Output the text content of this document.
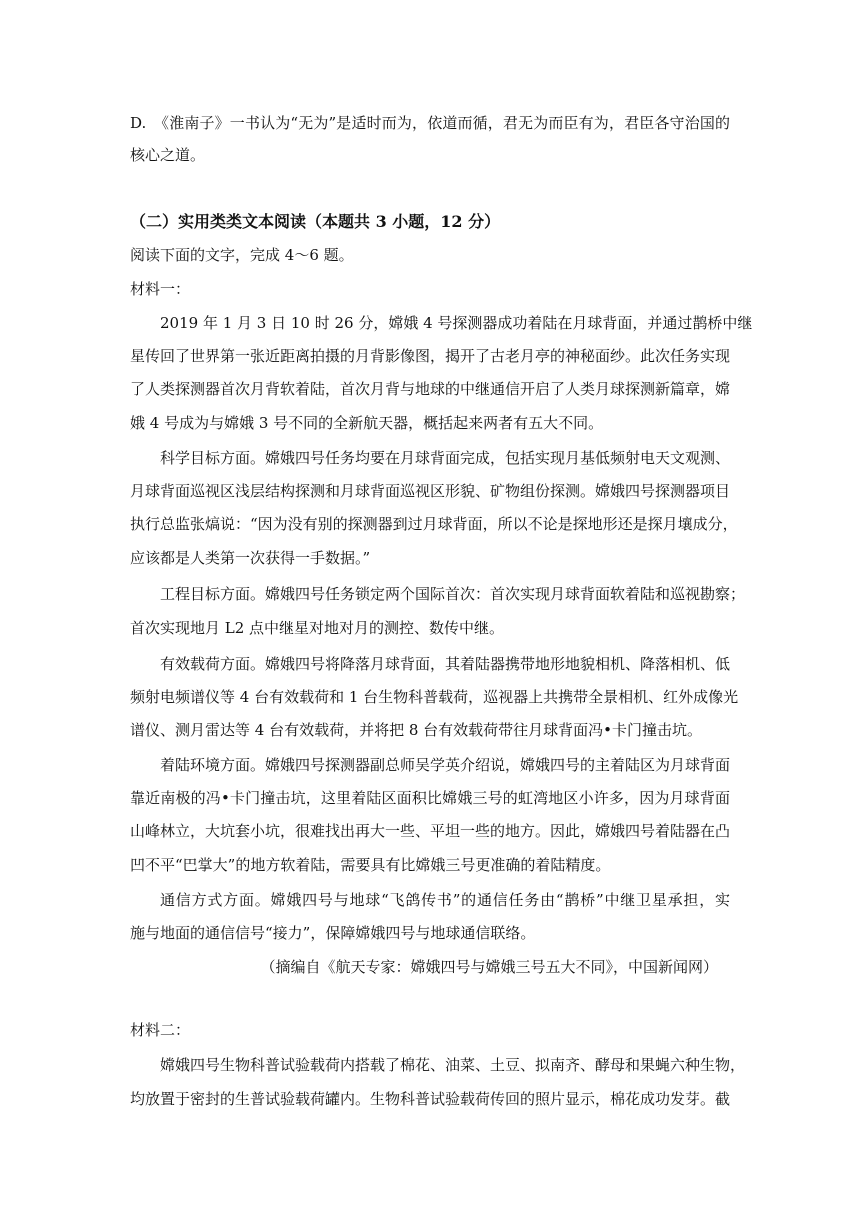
D.　《淮南子》一书认为“无为”是适时而为，依道而循，君无为而臣有为，君臣各守治国的
核心之道。
（二）实用类类文本阅读（本题共 3 小题，12 分）
阅读下面的文字，完成 4～6 题。
材料一：
2019 年 1 月 3 日 10 时 26 分，嫦娥 4 号探测器成功着陆在月球背面，并通过鹊桥中继
星传回了世界第一张近距离拍摄的月背影像图，揭开了古老月亭的神秘面纱。此次任务实现
了人类探测器首次月背软着陆，首次月背与地球的中继通信开启了人类月球探测新篇章，嫦
娥 4 号成为与嫦娥 3 号不同的全新航天器，概括起来两者有五大不同。
科学目标方面。嫦娥四号任务均要在月球背面完成，包括实现月基低频射电天文观测、
月球背面巡视区浅层结构探测和月球背面巡视区形貌、矿物组份探测。嫦娥四号探测器项目
执行总监张熇说：“因为没有别的探测器到过月球背面，所以不论是探地形还是探月壤成分，
应该都是人类第一次获得一手数据。”
工程目标方面。嫦娥四号任务锁定两个国际首次：首次实现月球背面软着陆和巡视勘察；
首次实现地月 L2 点中继星对地对月的测控、数传中继。
有效载荷方面。嫦娥四号将降落月球背面，其着陆器携带地形地貌相机、降落相机、低
频射电频谱仪等 4 台有效载荷和 1 台生物科普载荷，巡视器上共携带全景相机、红外成像光
谱仪、测月雷达等 4 台有效载荷，并将把 8 台有效载荷带往月球背面冯•卡门撞击坑。
着陆环境方面。嫦娥四号探测器副总师吴学英介绍说，嫦娥四号的主着陆区为月球背面
靠近南极的冯•卡门撞击坑，这里着陆区面积比嫦娥三号的虹湾地区小许多，因为月球背面
山峰林立，大坑套小坑，很难找出再大一些、平坦一些的地方。因此，嫦娥四号着陆器在凸
凹不平“巴掌大”的地方软着陆，需要具有比嫦娥三号更准确的着陆精度。
通信方式方面。嫦娥四号与地球“飞鸽传书”的通信任务由“鹊桥”中继卫星承担，实
施与地面的通信信号“接力”，保障嫦娥四号与地球通信联络。
（摘编自《航天专家：嫦娥四号与嫦娥三号五大不同》，中国新闻网）
材料二：
嫦娥四号生物科普试验载荷内搭载了棉花、油菜、土豆、拟南齐、酵母和果蝇六种生物，
均放置于密封的生普试验载荷罐内。生物科普试验载荷传回的照片显示，棉花成功发芽。截
